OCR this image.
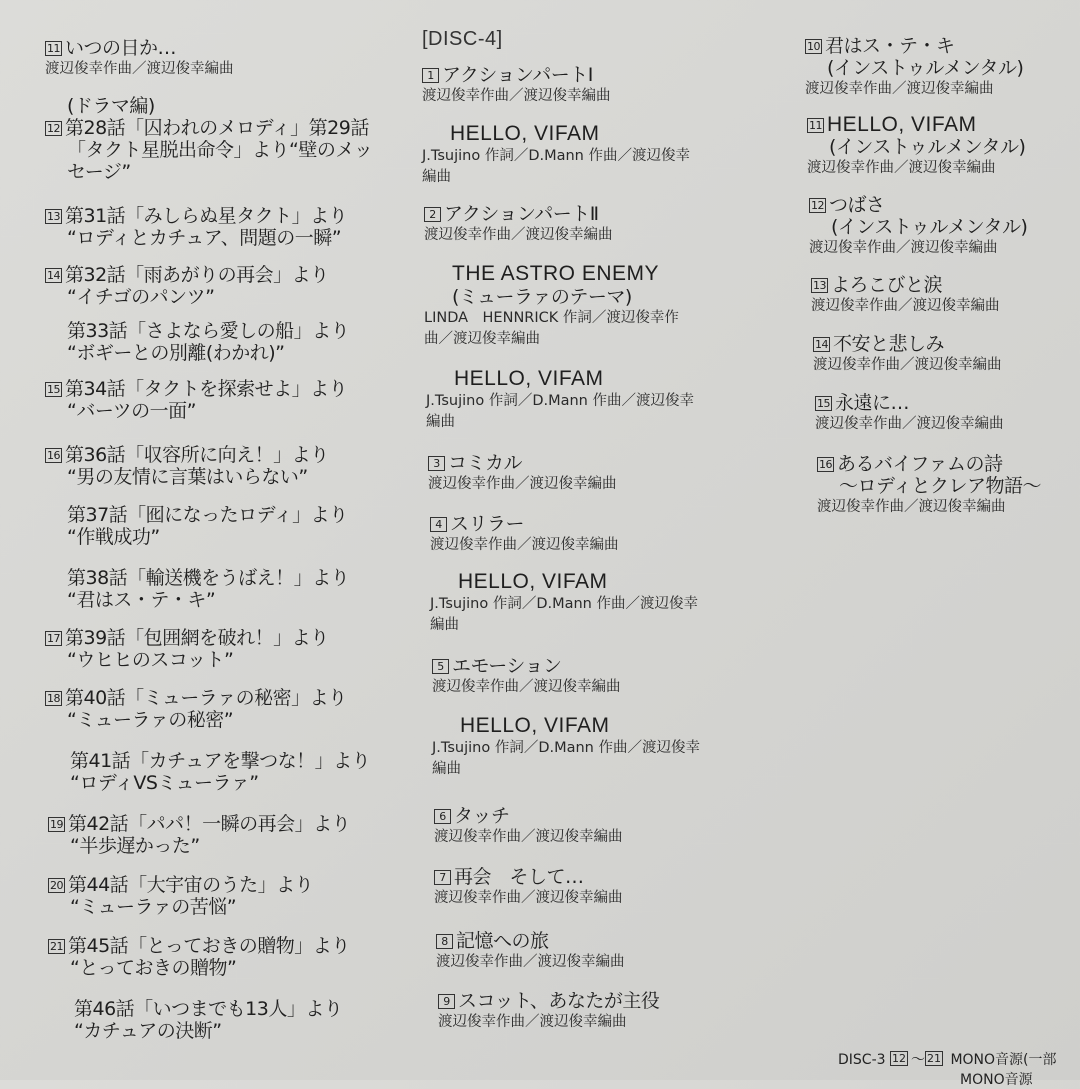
11 いつの日か…
渡辺俊幸作曲／渡辺俊幸編曲
(ドラマ編)
12 第28話「囚われのメロディ」第29話
「タクト星脱出命令」より“壁のメッ
セージ”
13 第31話「みしらぬ星タクト」より
“ロディとカチュア、問題の一瞬”
14 第32話「雨あがりの再会」より
“イチゴのパンツ”
第33話「さよなら愛しの船」より
“ボギーとの別離(わかれ)”
15 第34話「タクトを探索せよ」より
“バーツの一面”
16 第36話「収容所に向え！」より
“男の友情に言葉はいらない”
第37話「囮になったロディ」より
“作戦成功”
第38話「輸送機をうばえ！」より
“君はス・テ・キ”
17 第39話「包囲網を破れ！」より
“ウヒヒのスコット”
18 第40話「ミューラァの秘密」より
“ミューラァの秘密”
第41話「カチュアを撃つな！」より
“ロディVSミューラァ”
19 第42話「パパ！一瞬の再会」より
“半歩遅かった”
20 第44話「大宇宙のうた」より
“ミューラァの苦悩”
21 第45話「とっておきの贈物」より
“とっておきの贈物”
第46話「いつまでも13人」より
“カチュアの決断”
[DISC-4]
1 アクションパートⅠ
渡辺俊幸作曲／渡辺俊幸編曲
HELLO, VIFAM
J.Tsujino 作詞／D.Mann 作曲／渡辺俊幸
編曲
2 アクションパートⅡ
渡辺俊幸作曲／渡辺俊幸編曲
THE ASTRO ENEMY
(ミューラァのテーマ)
LINDA　HENNRICK 作詞／渡辺俊幸作
曲／渡辺俊幸編曲
HELLO, VIFAM
J.Tsujino 作詞／D.Mann 作曲／渡辺俊幸
編曲
3 コミカル
渡辺俊幸作曲／渡辺俊幸編曲
4 スリラー
渡辺俊幸作曲／渡辺俊幸編曲
HELLO, VIFAM
J.Tsujino 作詞／D.Mann 作曲／渡辺俊幸
編曲
5 エモーション
渡辺俊幸作曲／渡辺俊幸編曲
HELLO, VIFAM
J.Tsujino 作詞／D.Mann 作曲／渡辺俊幸
編曲
6 タッチ
渡辺俊幸作曲／渡辺俊幸編曲
7 再会　そして…
渡辺俊幸作曲／渡辺俊幸編曲
8 記憶への旅
渡辺俊幸作曲／渡辺俊幸編曲
9 スコット、あなたが主役
渡辺俊幸作曲／渡辺俊幸編曲
10 君はス・テ・キ
(インストゥルメンタル)
渡辺俊幸作曲／渡辺俊幸編曲
11 HELLO, VIFAM
(インストゥルメンタル)
渡辺俊幸作曲／渡辺俊幸編曲
12 つばさ
(インストゥルメンタル)
渡辺俊幸作曲／渡辺俊幸編曲
13 よろこびと涙
渡辺俊幸作曲／渡辺俊幸編曲
14 不安と悲しみ
渡辺俊幸作曲／渡辺俊幸編曲
15 永遠に…
渡辺俊幸作曲／渡辺俊幸編曲
16 あるバイファムの詩
〜ロディとクレア物語〜
渡辺俊幸作曲／渡辺俊幸編曲
DISC-3 12 ～ 21 MONO音源(一部
MONO音源
